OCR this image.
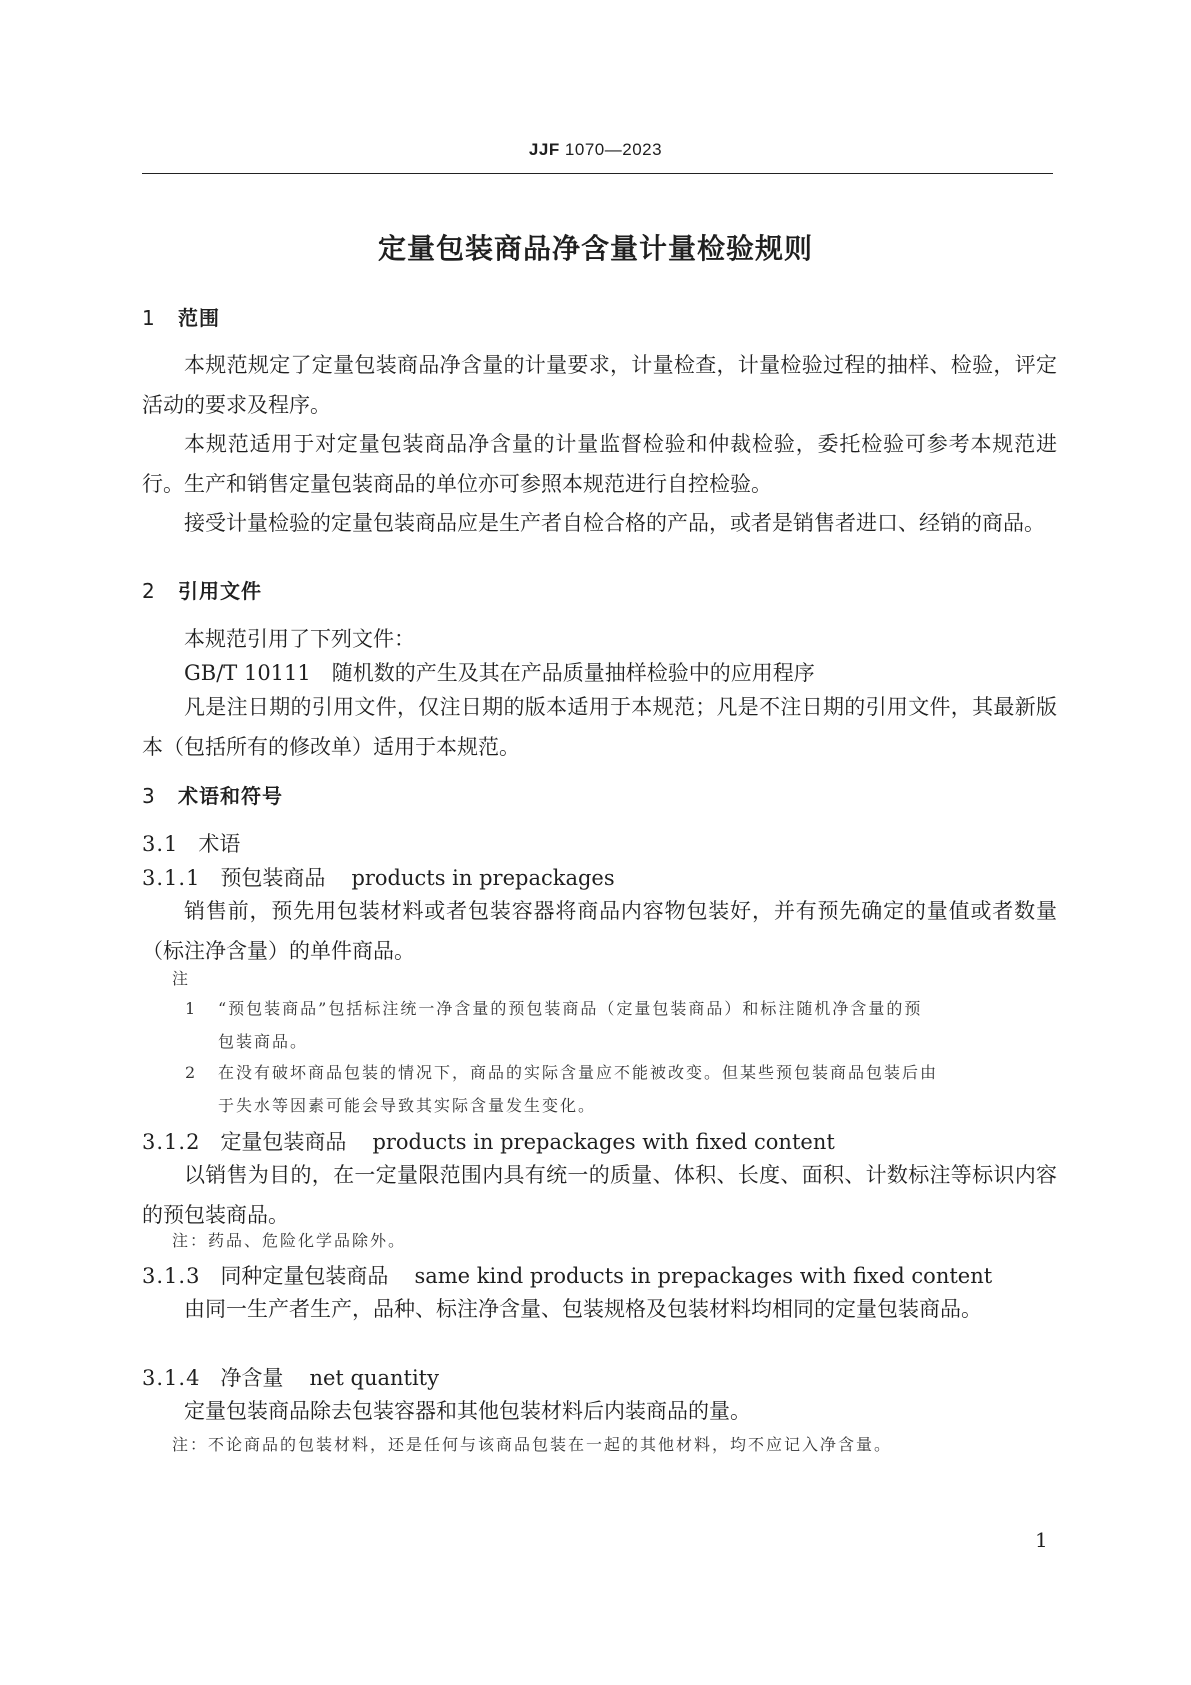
JJF 1070—2023
定量包装商品净含量计量检验规则
1 范围

本规范规定了定量包装商品净含量的计量要求，计量检查，计量检验过程的抽样、检验，评定活动的要求及程序。

本规范适用于对定量包装商品净含量的计量监督检验和仲裁检验，委托检验可参考本规范进行。生产和销售定量包装商品的单位亦可参照本规范进行自控检验。

接受计量检验的定量包装商品应是生产者自检合格的产品，或者是销售者进口、经销的商品。

2 引用文件

本规范引用了下列文件：

GB/T 10111　随机数的产生及其在产品质量抽样检验中的应用程序

凡是注日期的引用文件，仅注日期的版本适用于本规范；凡是不注日期的引用文件，其最新版本（包括所有的修改单）适用于本规范。

3 术语和符号
3.1 术语
3.1.1 预包装商品 products in prepackages

销售前，预先用包装材料或者包装容器将商品内容物包装好，并有预先确定的量值或者数量（标注净含量）的单件商品。

注
1 “预包装商品”包括标注统一净含量的预包装商品（定量包装商品）和标注随机净含量的预
包装商品。
2 在没有破坏商品包装的情况下，商品的实际含量应不能被改变。但某些预包装商品包装后由
于失水等因素可能会导致其实际含量发生变化。
3.1.2 定量包装商品 products in prepackages with fixed content

以销售为目的，在一定量限范围内具有统一的质量、体积、长度、面积、计数标注等标识内容的预包装商品。

注：药品、危险化学品除外。
3.1.3 同种定量包装商品 same kind products in prepackages with fixed content

由同一生产者生产，品种、标注净含量、包装规格及包装材料均相同的定量包装商品。

3.1.4 净含量 net quantity

定量包装商品除去包装容器和其他包装材料后内装商品的量。

注：不论商品的包装材料，还是任何与该商品包装在一起的其他材料，均不应记入净含量。
1
